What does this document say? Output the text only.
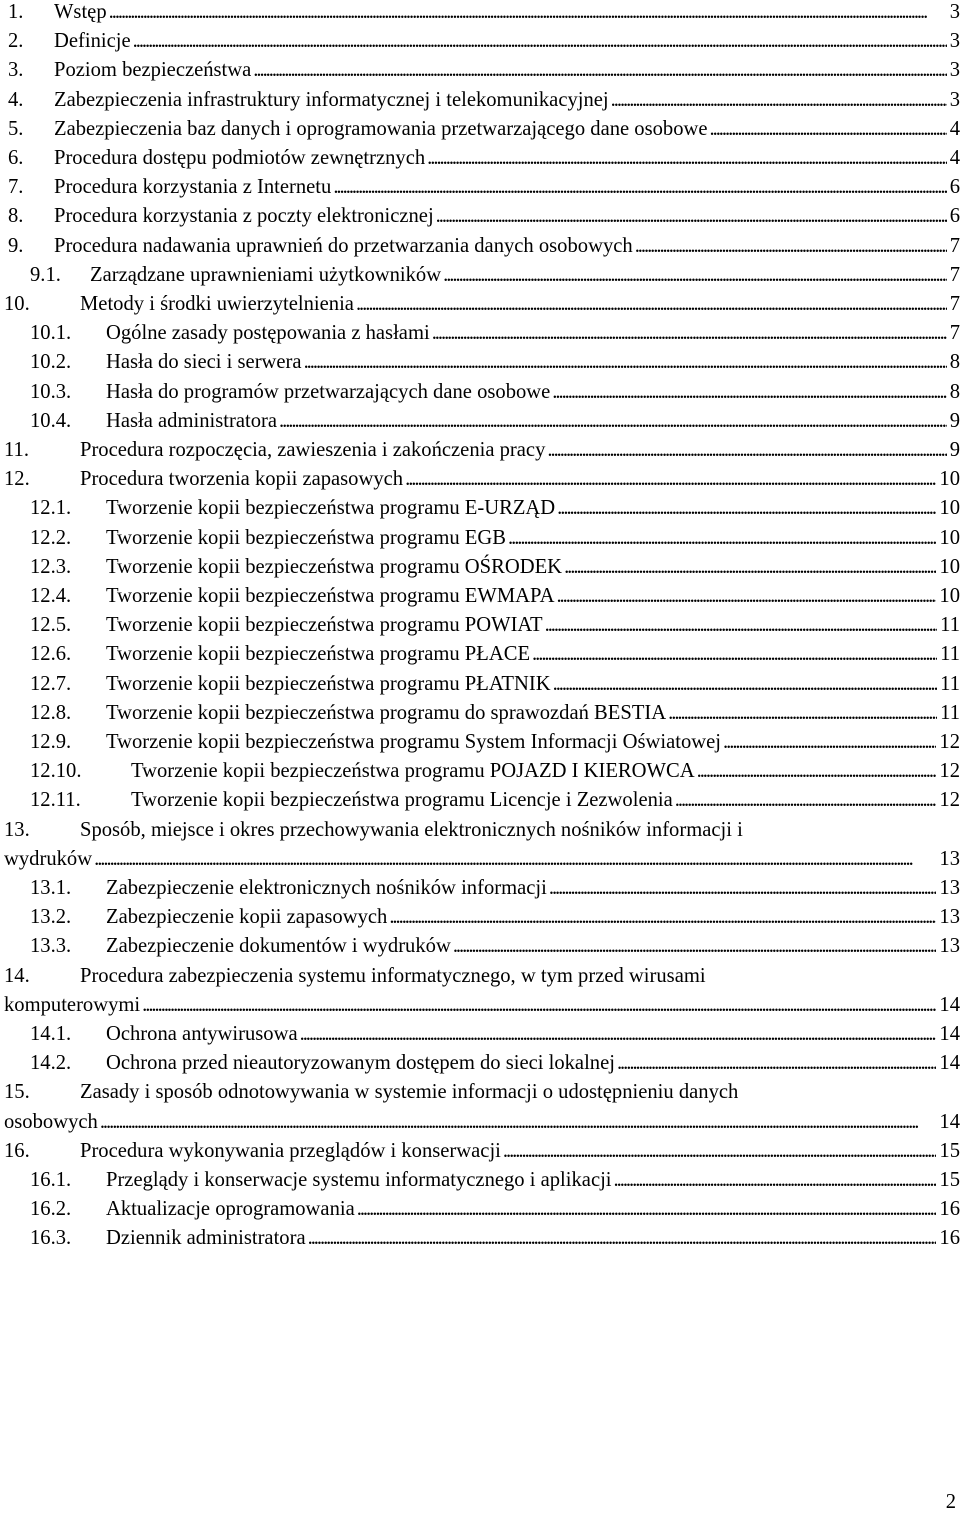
1.	Wstęp . . .	3
2.	Definicje . . .	3
3.	Poziom bezpieczeństwa . . .	3
4.	Zabezpieczenia infrastruktury informatycznej i telekomunikacyjnej . . .	3
5.	Zabezpieczenia baz danych i oprogramowania przetwarzającego dane osobowe . . .	4
6.	Procedura dostępu podmiotów zewnętrznych . . .	4
7.	Procedura korzystania z Internetu . . .	6
8.	Procedura korzystania z poczty elektronicznej . . .	6
9.	Procedura nadawania uprawnień do przetwarzania danych osobowych . . .	7
9.1.	Zarządzane uprawnieniami użytkowników . . .	7
10.	Metody i środki uwierzytelnienia . . .	7
10.1.	Ogólne zasady postępowania z hasłami . . .	7
10.2.	Hasła do sieci i serwera . . .	8
10.3.	Hasła do programów przetwarzających dane osobowe . . .	8
10.4.	Hasła administratora . . .	9
11.	Procedura rozpoczęcia, zawieszenia i zakończenia pracy . . .	9
12.	Procedura tworzenia kopii zapasowych . . .	10
12.1.	Tworzenie kopii bezpieczeństwa programu E-URZĄD . . .	10
12.2.	Tworzenie kopii bezpieczeństwa programu EGB . . .	10
12.3.	Tworzenie kopii bezpieczeństwa programu OŚRODEK . . .	10
12.4.	Tworzenie kopii bezpieczeństwa programu EWMAPA . . .	10
12.5.	Tworzenie kopii bezpieczeństwa programu POWIAT . . .	11
12.6.	Tworzenie kopii bezpieczeństwa programu PŁACE . . .	11
12.7.	Tworzenie kopii bezpieczeństwa programu PŁATNIK . . .	11
12.8.	Tworzenie kopii bezpieczeństwa programu do sprawozdań BESTIA . . .	11
12.9.	Tworzenie kopii bezpieczeństwa programu System Informacji Oświatowej . . .	12
12.10.	Tworzenie kopii bezpieczeństwa programu POJAZD I KIEROWCA . . .	12
12.11.	Tworzenie kopii bezpieczeństwa programu Licencje i Zezwolenia . . .	12
13. Sposób, miejsce i okres przechowywania elektronicznych nośników informacji i
wydruków . . .	13
13.1.	Zabezpieczenie elektronicznych nośników informacji . . .	13
13.2.	Zabezpieczenie kopii zapasowych . . .	13
13.3.	Zabezpieczenie dokumentów i wydruków . . .	13
14. Procedura zabezpieczenia systemu informatycznego, w tym przed wirusami
komputerowymi . . .	14
14.1.	Ochrona antywirusowa . . .	14
14.2.	Ochrona przed nieautoryzowanym dostępem do sieci lokalnej . . .	14
15. Zasady i sposób odnotowywania w systemie informacji o udostępnieniu danych
osobowych . . .	14
16.	Procedura wykonywania przeglądów i konserwacji . . .	15
16.1.	Przeglądy i konserwacje systemu informatycznego i aplikacji . . .	15
16.2.	Aktualizacje oprogramowania . . .	16
16.3.	Dziennik administratora . . .	16
2
